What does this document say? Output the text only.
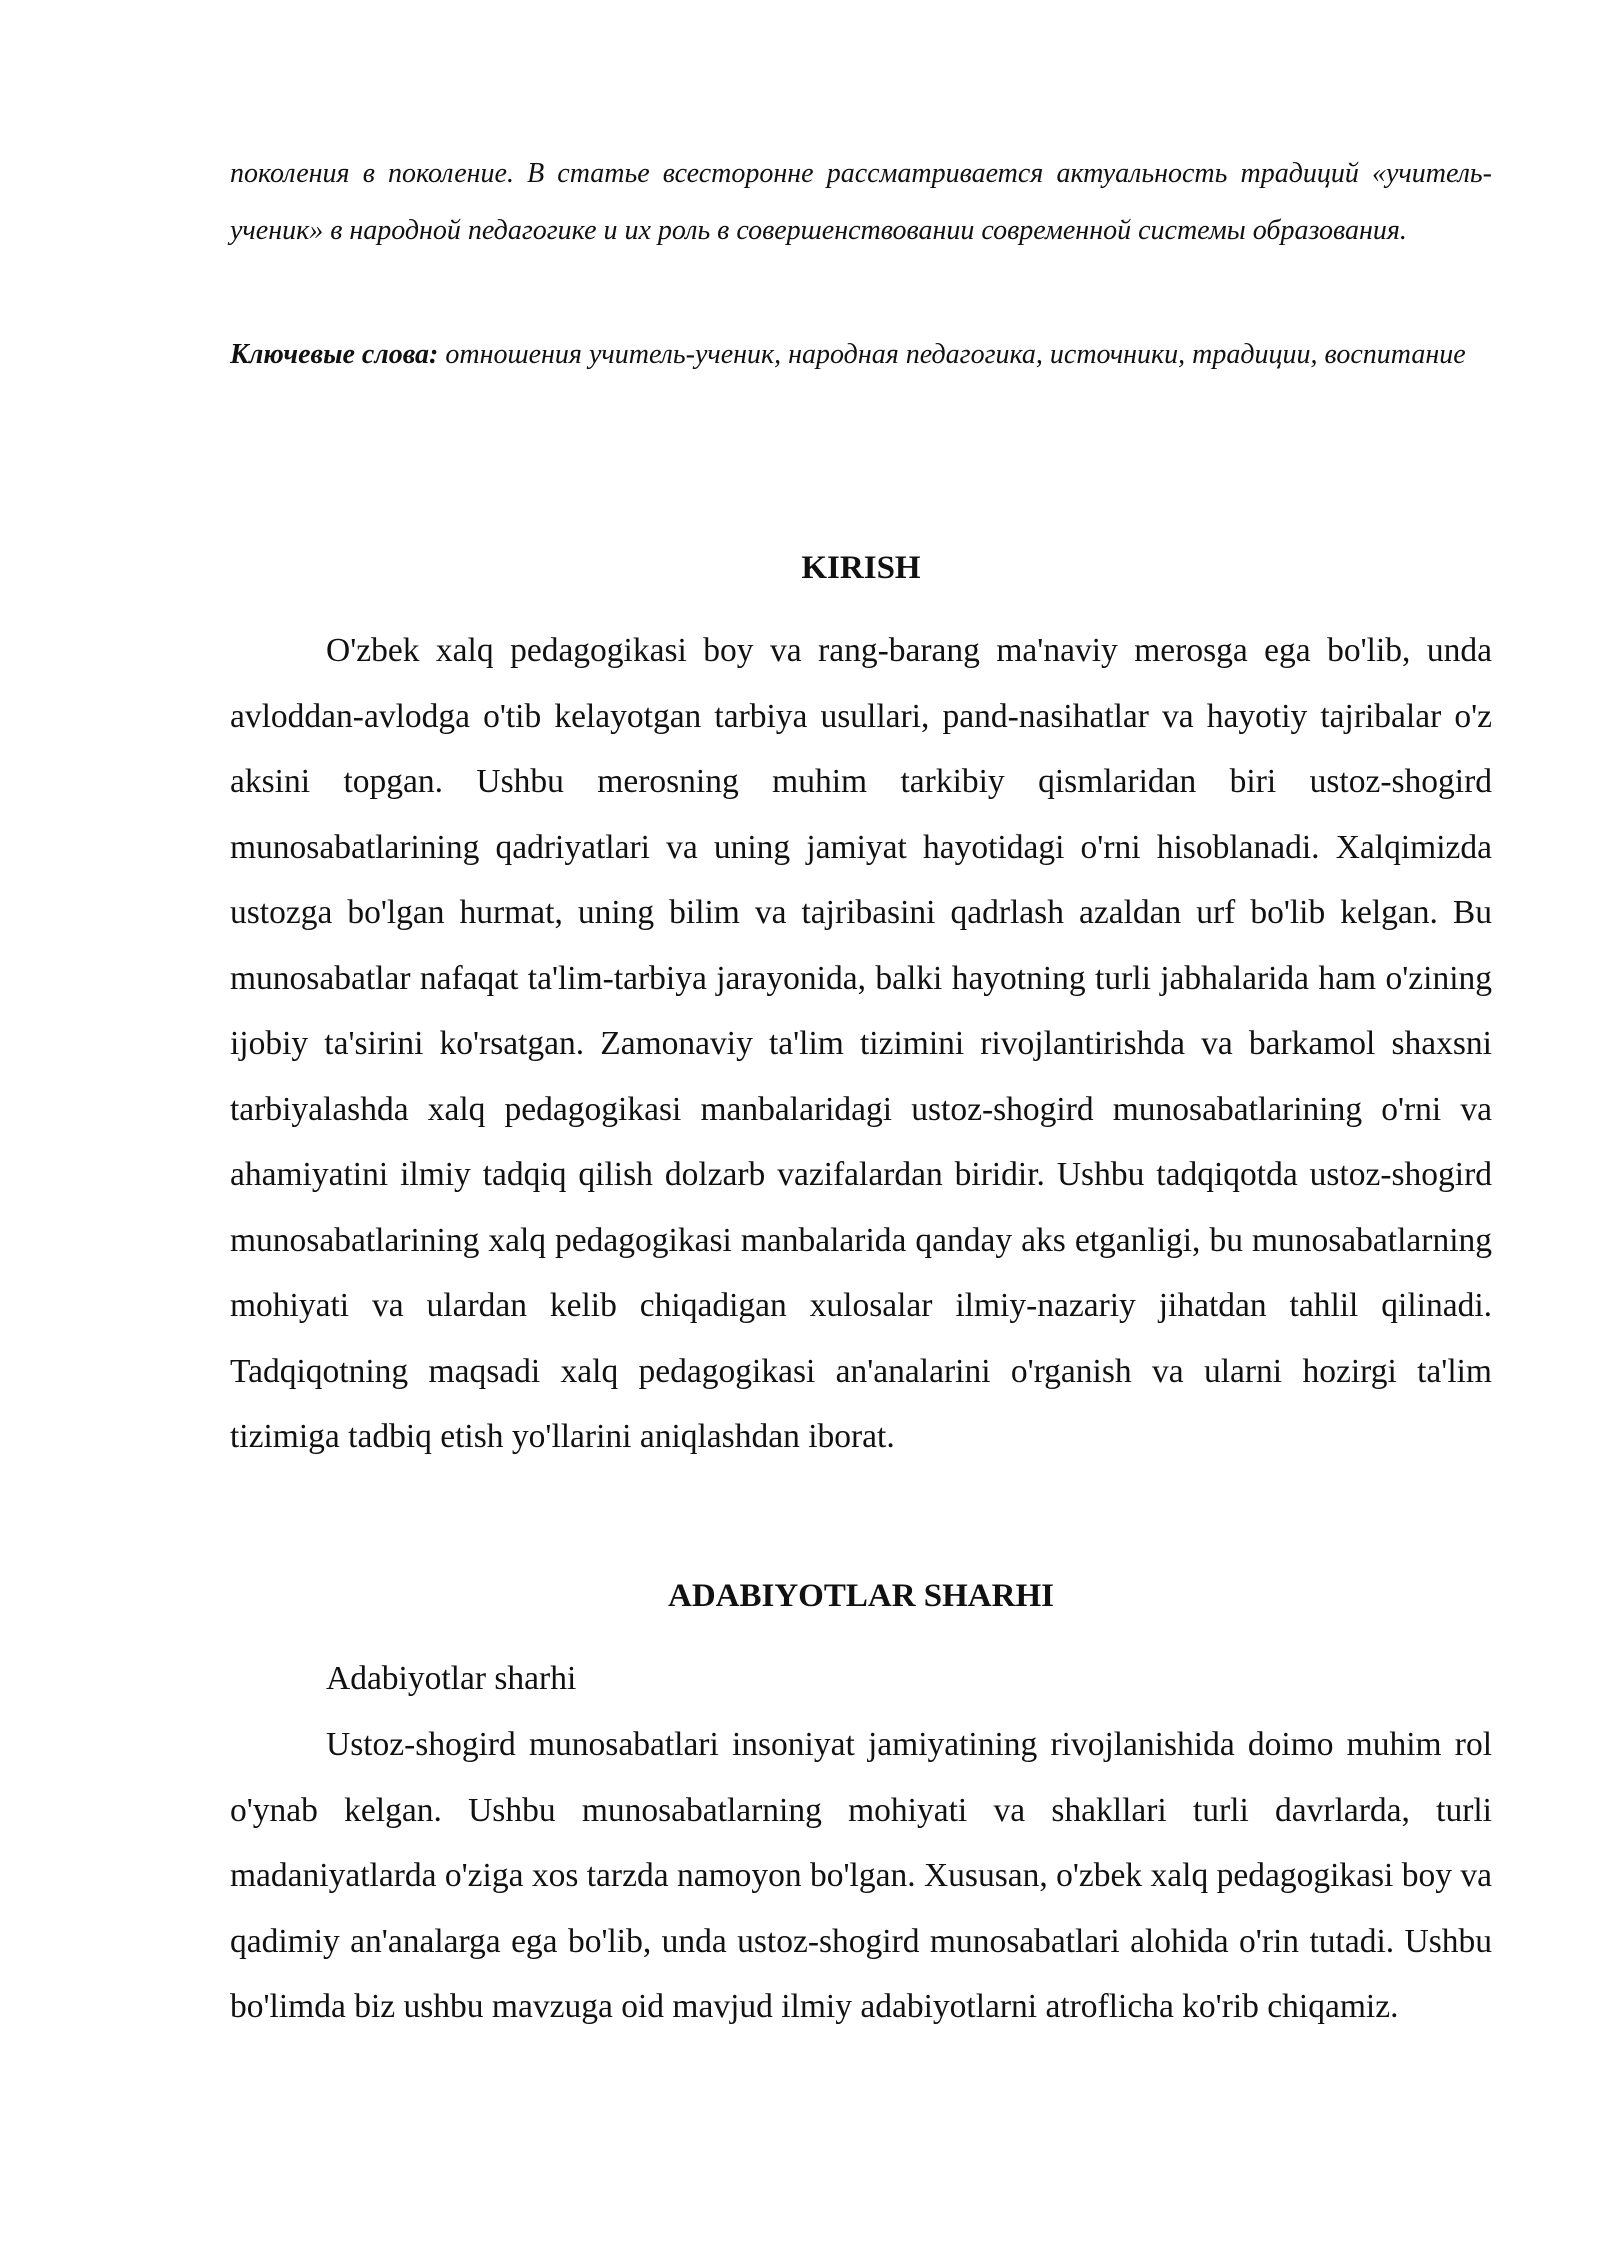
поколения в поколение. В статье всесторонне рассматривается актуальность традиций «учитель-ученик» в народной педагогике и их роль в совершенствовании современной системы образования.

Ключевые слова: отношения учитель-ученик, народная педагогика, источники, традиции, воспитание

KIRISH

O'zbek xalq pedagogikasi boy va rang-barang ma'naviy merosga ega bo'lib, unda avloddan-avlodga o'tib kelayotgan tarbiya usullari, pand-nasihatlar va hayotiy tajribalar o'z aksini topgan. Ushbu merosning muhim tarkibiy qismlaridan biri ustoz-shogird munosabatlarining qadriyatlari va uning jamiyat hayotidagi o'rni hisoblanadi. Xalqimizda ustozga bo'lgan hurmat, uning bilim va tajribasini qadrlash azaldan urf bo'lib kelgan. Bu munosabatlar nafaqat ta'lim-tarbiya jarayonida, balki hayotning turli jabhalarida ham o'zining ijobiy ta'sirini ko'rsatgan. Zamonaviy ta'lim tizimini rivojlantirishda va barkamol shaxsni tarbiyalashda xalq pedagogikasi manbalaridagi ustoz-shogird munosabatlarining o'rni va ahamiyatini ilmiy tadqiq qilish dolzarb vazifalardan biridir. Ushbu tadqiqotda ustoz-shogird munosabatlarining xalq pedagogikasi manbalarida qanday aks etganligi, bu munosabatlarning mohiyati va ulardan kelib chiqadigan xulosalar ilmiy-nazariy jihatdan tahlil qilinadi. Tadqiqotning maqsadi xalq pedagogikasi an'analarini o'rganish va ularni hozirgi ta'lim tizimiga tadbiq etish yo'llarini aniqlashdan iborat.

ADABIYOTLAR SHARHI

Adabiyotlar sharhi

Ustoz-shogird munosabatlari insoniyat jamiyatining rivojlanishida doimo muhim rol o'ynab kelgan. Ushbu munosabatlarning mohiyati va shakllari turli davrlarda, turli madaniyatlarda o'ziga xos tarzda namoyon bo'lgan. Xususan, o'zbek xalq pedagogikasi boy va qadimiy an'analarga ega bo'lib, unda ustoz-shogird munosabatlari alohida o'rin tutadi. Ushbu bo'limda biz ushbu mavzuga oid mavjud ilmiy adabiyotlarni atroflicha ko'rib chiqamiz.
